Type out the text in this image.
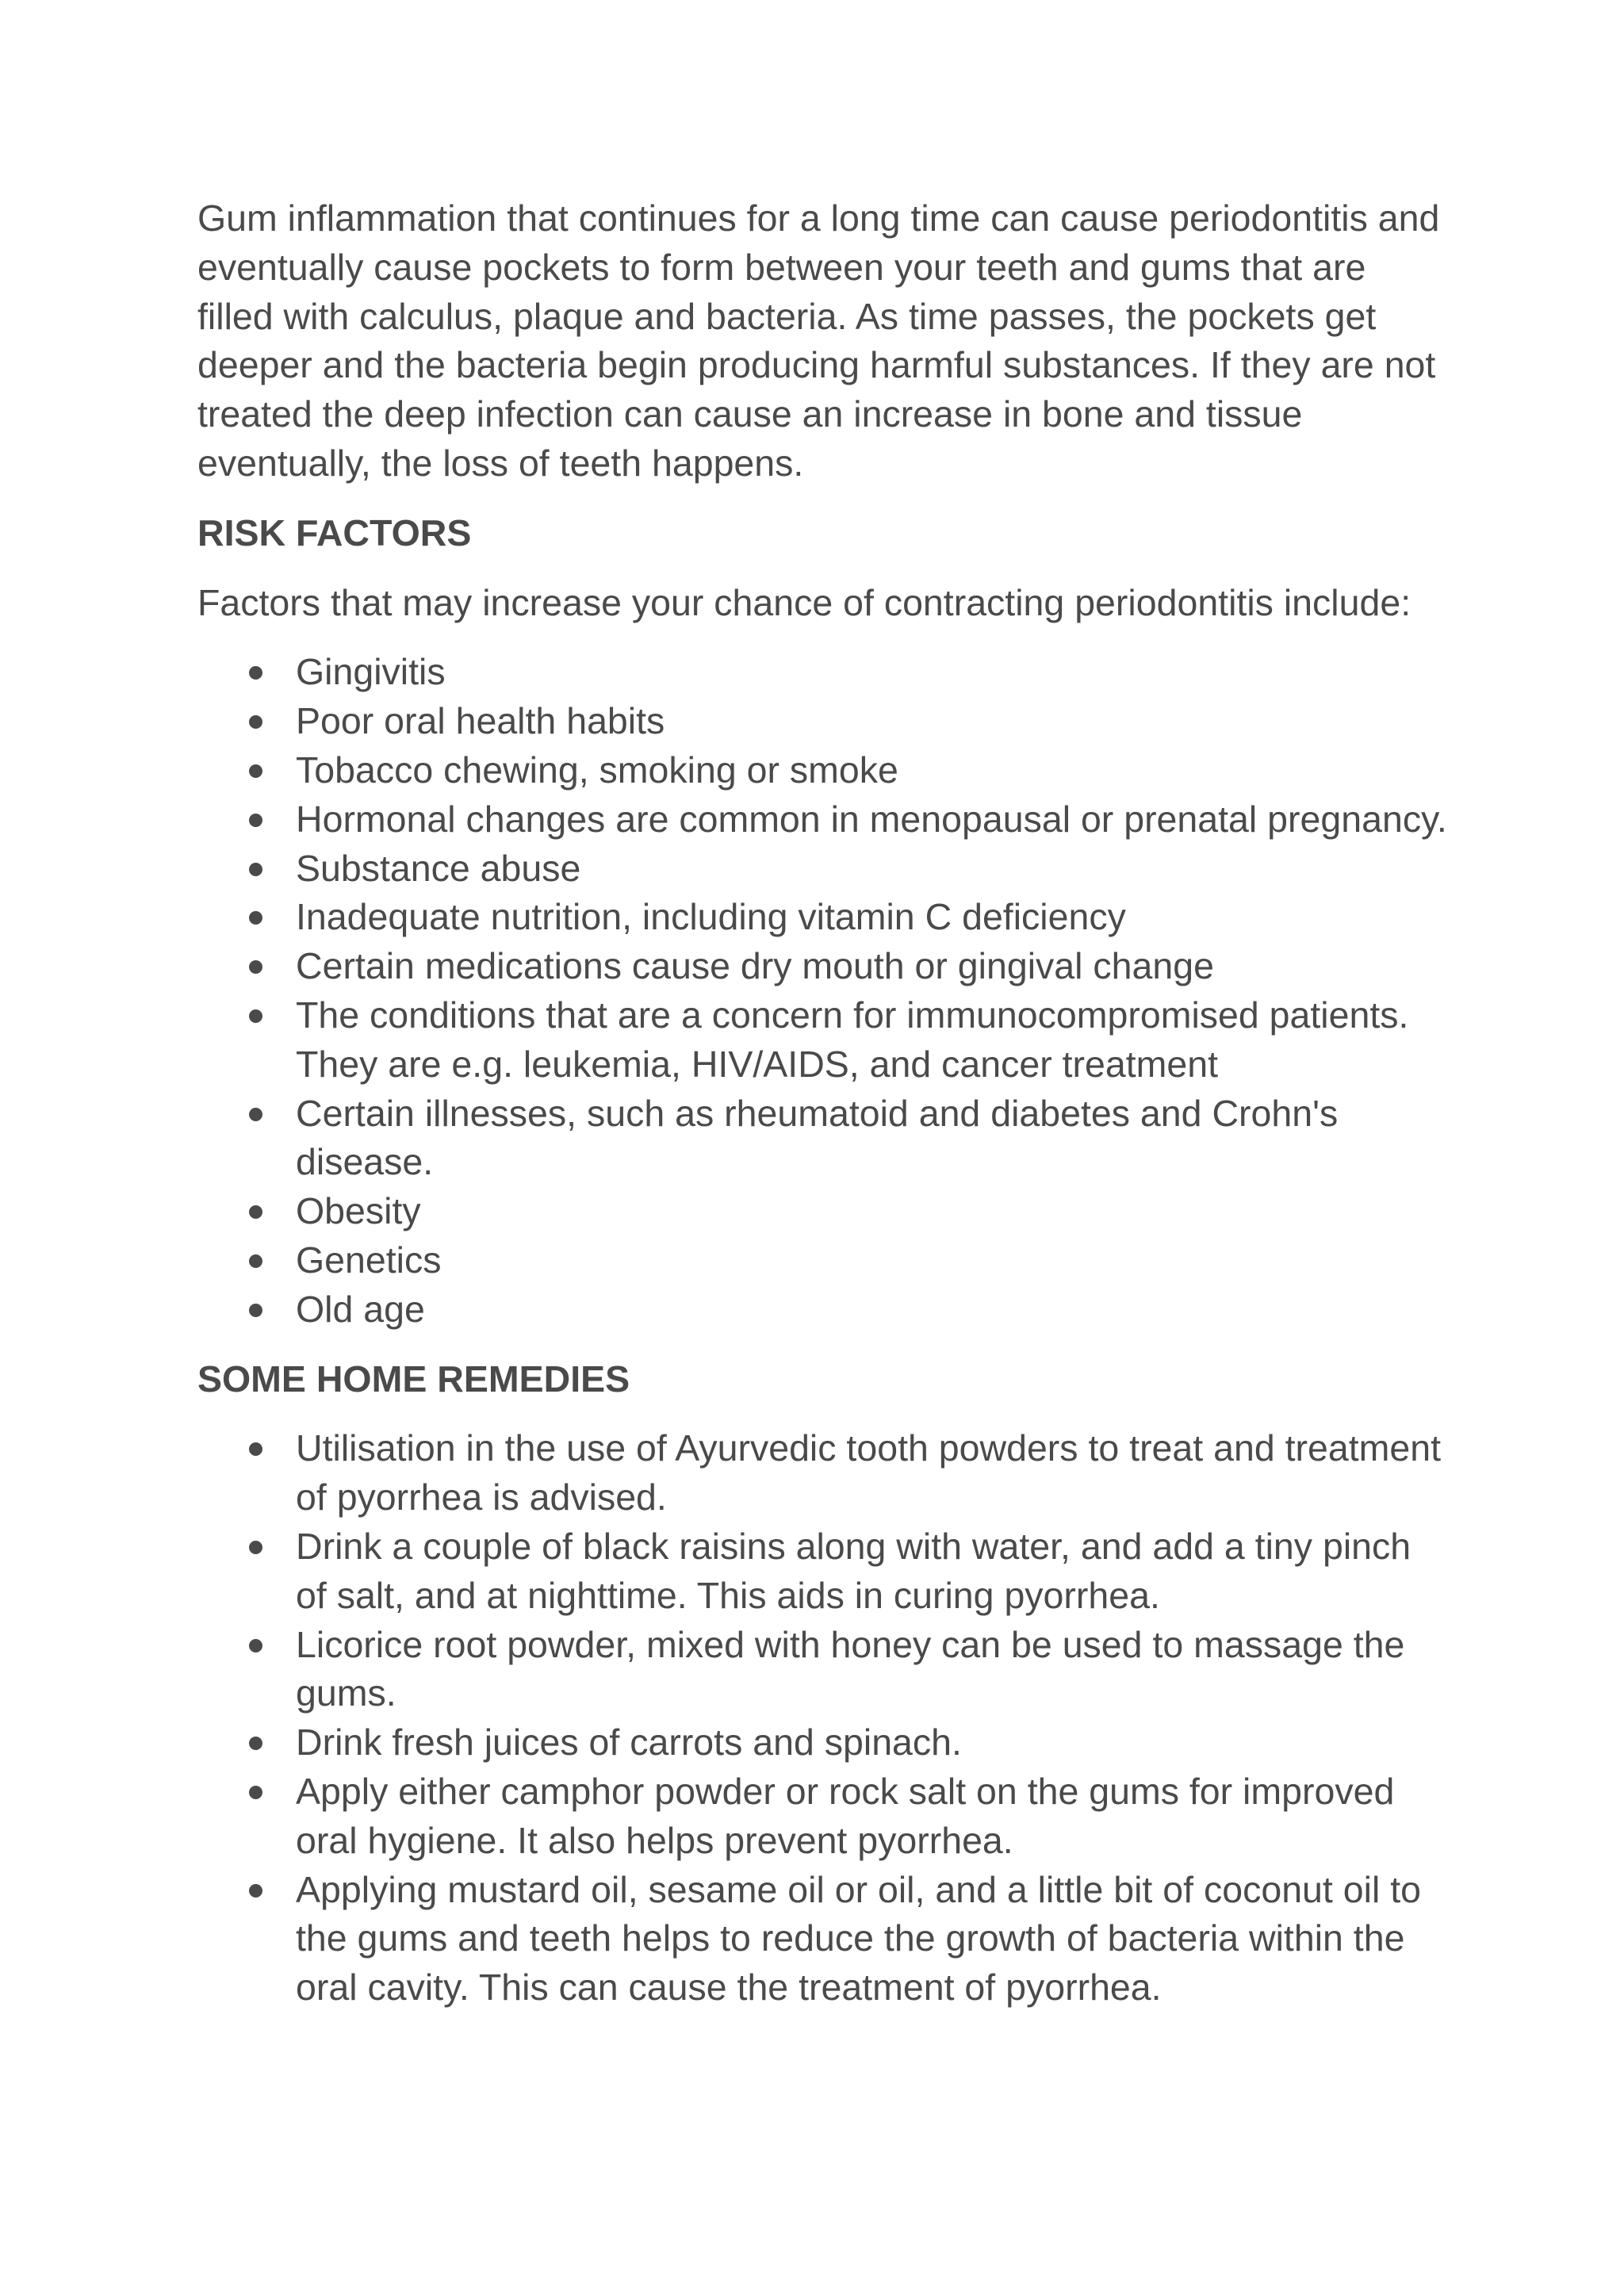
Gum inflammation that continues for a long time can cause periodontitis and eventually cause pockets to form between your teeth and gums that are filled with calculus, plaque and bacteria. As time passes, the pockets get deeper and the bacteria begin producing harmful substances. If they are not treated the deep infection can cause an increase in bone and tissue eventually, the loss of teeth happens.

RISK FACTORS

Factors that may increase your chance of contracting periodontitis include:

Gingivitis
Poor oral health habits
Tobacco chewing, smoking or smoke
Hormonal changes are common in menopausal or prenatal pregnancy.
Substance abuse
Inadequate nutrition, including vitamin C deficiency
Certain medications cause dry mouth or gingival change
The conditions that are a concern for immunocompromised patients. They are e.g. leukemia, HIV/AIDS, and cancer treatment
Certain illnesses, such as rheumatoid and diabetes and Crohn's disease.
Obesity
Genetics
Old age

SOME HOME REMEDIES

Utilisation in the use of Ayurvedic tooth powders to treat and treatment of pyorrhea is advised.
Drink a couple of black raisins along with water, and add a tiny pinch of salt, and at nighttime. This aids in curing pyorrhea.
Licorice root powder, mixed with honey can be used to massage the gums.
Drink fresh juices of carrots and spinach.
Apply either camphor powder or rock salt on the gums for improved oral hygiene. It also helps prevent pyorrhea.
Applying mustard oil, sesame oil or oil, and a little bit of coconut oil to the gums and teeth helps to reduce the growth of bacteria within the oral cavity. This can cause the treatment of pyorrhea.
